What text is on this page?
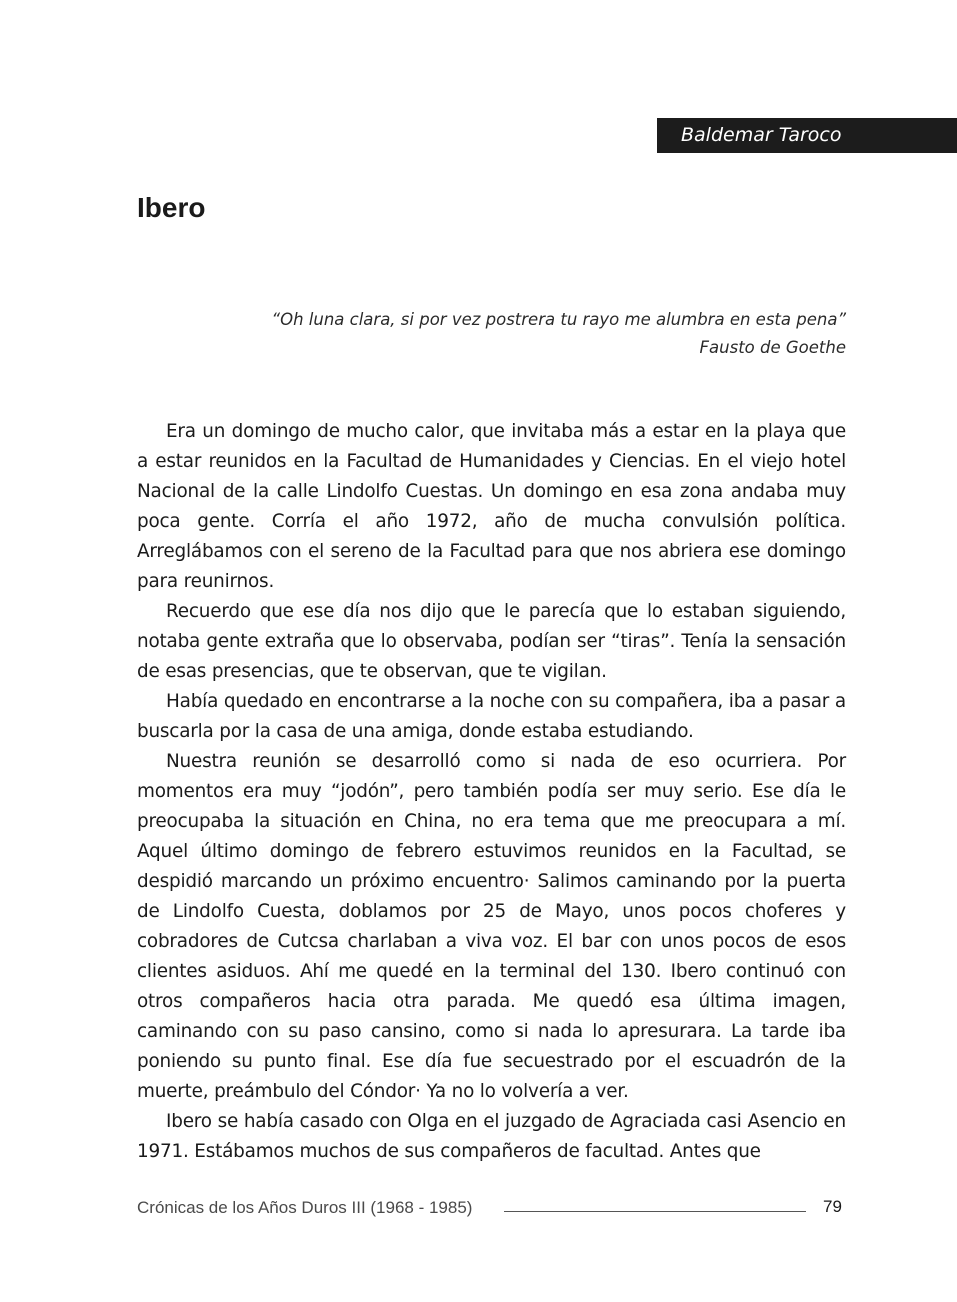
Baldemar Taroco
Ibero
“Oh luna clara, si por vez postrera tu rayo me alumbra en esta pena”
Fausto de Goethe

Era un domingo de mucho calor, que invitaba más a estar en la playa que a estar reunidos en la Facultad de Humanidades y Ciencias. En el viejo hotel Nacional de la calle Lindolfo Cuestas. Un domingo en esa zona andaba muy poca gente. Corría el año 1972, año de mucha convulsión política. Arreglábamos con el sereno de la Facultad para que nos abriera ese domingo para reunirnos.

Recuerdo que ese día nos dijo que le parecía que lo estaban siguiendo, notaba gente extraña que lo observaba, podían ser “tiras”. Tenía la sensación de esas presencias, que te observan, que te vigilan.

Había quedado en encontrarse a la noche con su compañera, iba a pasar a buscarla por la casa de una amiga, donde estaba estudiando.

Nuestra reunión se desarrolló como si nada de eso ocurriera. Por momentos era muy “jodón”, pero también podía ser muy serio. Ese día le preocupaba la situación en China, no era tema que me preocupara a mí. Aquel último domingo de febrero estuvimos reunidos en la Facultad, se despidió marcando un próximo encuentro· Salimos caminando por la puerta de Lindolfo Cuesta, doblamos por 25 de Mayo, unos pocos choferes y cobradores de Cutcsa charlaban a viva voz. El bar con unos pocos de esos clientes asiduos. Ahí me quedé en la terminal del 130. Ibero continuó con otros compañeros hacia otra parada. Me quedó esa última imagen, caminando con su paso cansino, como si nada lo apresurara. La tarde iba poniendo su punto final. Ese día fue secuestrado por el escuadrón de la muerte, preámbulo del Cóndor· Ya no lo volvería a ver.

Ibero se había casado con Olga en el juzgado de Agraciada casi Asencio en 1971. Estábamos muchos de sus compañeros de facultad. Antes que

Crónicas de los Años Duros III (1968 - 1985)	79
